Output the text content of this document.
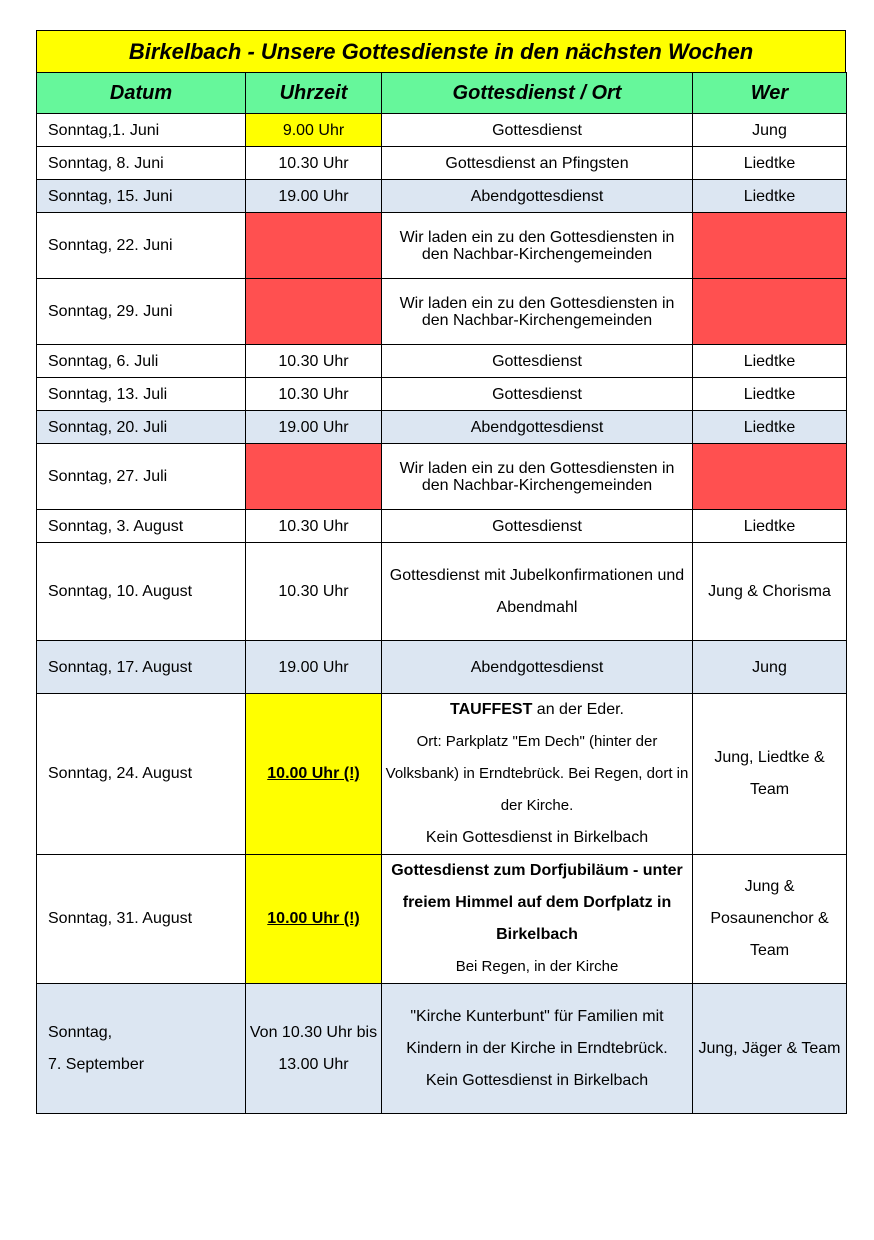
Birkelbach - Unsere Gottesdienste in den nächsten Wochen
Datum	Uhrzeit	Gottesdienst / Ort	Wer
Sonntag,1. Juni	9.00 Uhr	Gottesdienst	Jung
Sonntag, 8. Juni	10.30 Uhr	Gottesdienst an Pfingsten	Liedtke
Sonntag, 15. Juni	19.00 Uhr	Abendgottesdienst	Liedtke
Sonntag, 22. Juni		Wir laden ein zu den Gottesdiensten in den Nachbar-Kirchengemeinden	
Sonntag, 29. Juni		Wir laden ein zu den Gottesdiensten in den Nachbar-Kirchengemeinden	
Sonntag, 6. Juli	10.30 Uhr	Gottesdienst	Liedtke
Sonntag, 13. Juli	10.30 Uhr	Gottesdienst	Liedtke
Sonntag, 20. Juli	19.00 Uhr	Abendgottesdienst	Liedtke
Sonntag, 27. Juli		Wir laden ein zu den Gottesdiensten in den Nachbar-Kirchengemeinden	
Sonntag, 3. August	10.30 Uhr	Gottesdienst	Liedtke
Sonntag, 10. August	10.30 Uhr	Gottesdienst mit Jubelkonfirmationen und Abendmahl	Jung & Chorisma
Sonntag, 17. August	19.00 Uhr	Abendgottesdienst	Jung
Sonntag, 24. August	10.00 Uhr (!)	TAUFFEST an der Eder.
Ort: Parkplatz "Em Dech" (hinter der Volksbank) in Erndtebrück. Bei Regen, dort in der Kirche.
Kein Gottesdienst in Birkelbach	Jung, Liedtke & Team
Sonntag, 31. August	10.00 Uhr (!)	Gottesdienst zum Dorfjubiläum - unter freiem Himmel auf dem Dorfplatz in Birkelbach
Bei Regen, in der Kirche	Jung & Posaunenchor & Team
Sonntag,
7. September	Von 10.30 Uhr bis 13.00 Uhr	"Kirche Kunterbunt" für Familien mit Kindern in der Kirche in Erndtebrück.
Kein Gottesdienst in Birkelbach	Jung, Jäger & Team
